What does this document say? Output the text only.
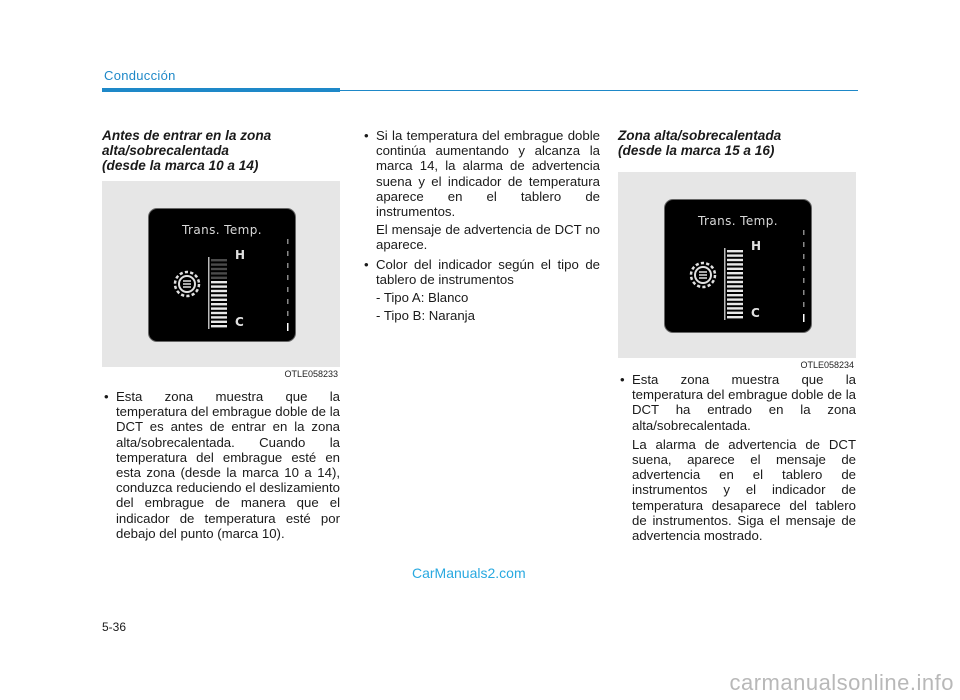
Conducción

Antes de entrar en la zona
alta/sobrecalentada
(desde la marca 10 a 14)

Trans. Temp.
H
C
OTLE058233
• Esta zona muestra que la temperatura del embrague doble de la DCT es antes de entrar en la zona alta/sobrecalentada. Cuando la temperatura del embrague esté en esta zona (desde la marca 10 a 14), conduzca reduciendo el deslizamiento del embrague de manera que el indicador de temperatura esté por debajo del punto (marca 10).
• Si la temperatura del embrague doble continúa aumentando y alcanza la marca 14, la alarma de advertencia suena y el indicador de temperatura aparece en el tablero de instrumentos.
El mensaje de advertencia de DCT no aparece.
• Color del indicador según el tipo de tablero de instrumentos
- Tipo A: Blanco
- Tipo B: Naranja

Zona alta/sobrecalentada
(desde la marca 15 a 16)

Trans. Temp.
H
C
OTLE058234
• Esta zona muestra que la temperatura del embrague doble de la DCT ha entrado en la zona alta/sobrecalentada.
La alarma de advertencia de DCT suena, aparece el mensaje de advertencia en el tablero de instrumentos y el indicador de temperatura desaparece del tablero de instrumentos. Siga el mensaje de advertencia mostrado.
CarManuals2.com
5-36
carmanualsonline.info
